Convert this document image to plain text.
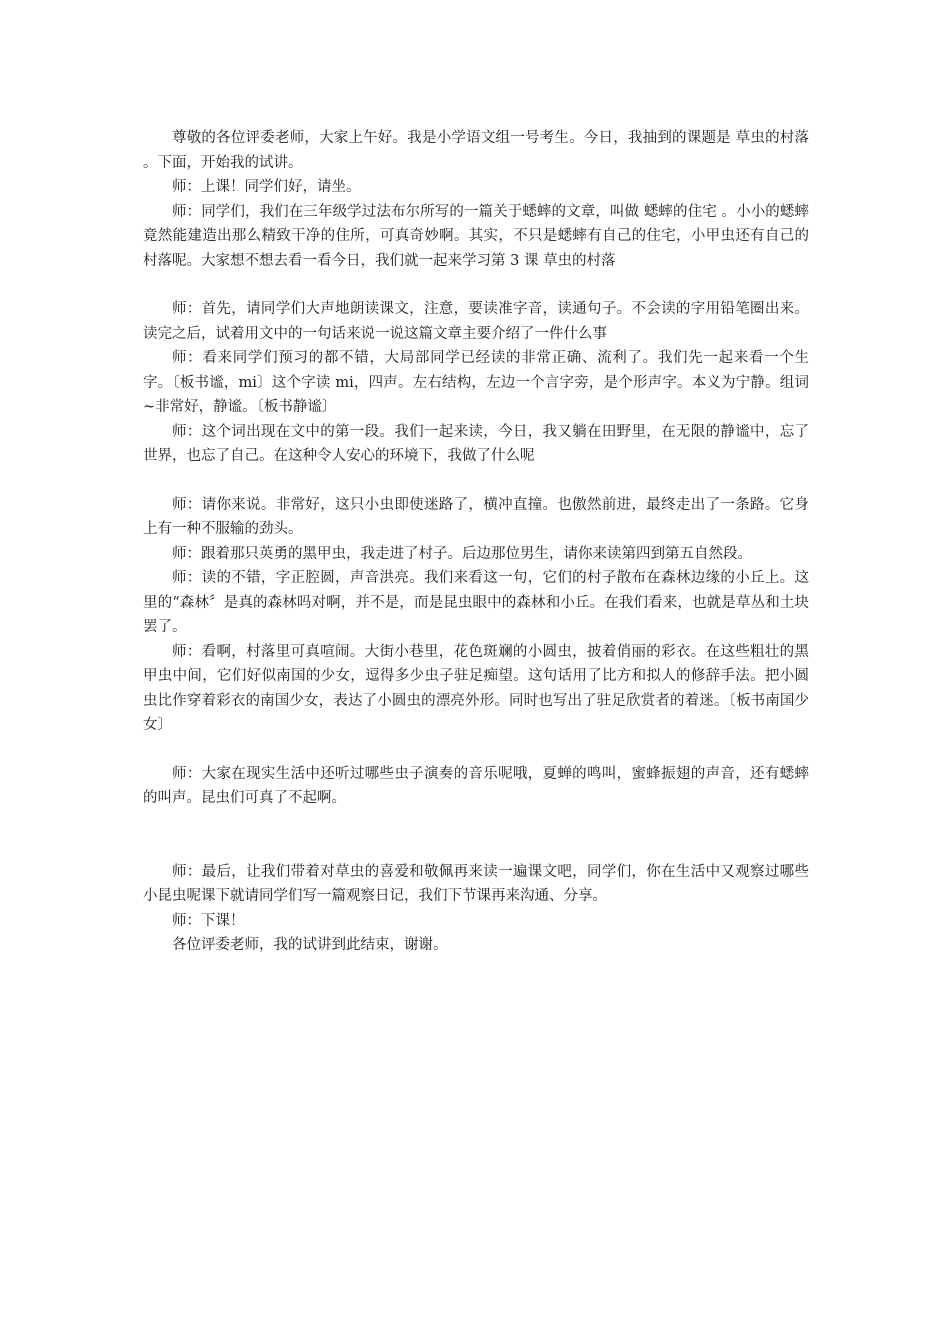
尊敬的各位评委老师，大家上午好。我是小学语文组一号考生。今日，我抽到的课题是 草虫的村落 。下面，开始我的试讲。

师：上课！同学们好，请坐。

师：同学们，我们在三年级学过法布尔所写的一篇关于蟋蟀的文章，叫做 蟋蟀的住宅 。小小的蟋蟀竟然能建造出那么精致干净的住所，可真奇妙啊。其实，不只是蟋蟀有自己的住宅，小甲虫还有自己的村落呢。大家想不想去看一看今日，我们就一起来学习第 3 课 草虫的村落

师：首先，请同学们大声地朗读课文，注意，要读准字音，读通句子。不会读的字用铅笔圈出来。读完之后，试着用文中的一句话来说一说这篇文章主要介绍了一件什么事

师：看来同学们预习的都不错，大局部同学已经读的非常正确、流利了。我们先一起来看一个生字。〔板书谧，mi〕这个字读 mi，四声。左右结构，左边一个言字旁，是个形声字。本义为宁静。组词~非常好，静谧。〔板书静谧〕

师：这个词出现在文中的第一段。我们一起来读，今日，我又躺在田野里，在无限的静谧中，忘了世界，也忘了自己。在这种令人安心的环境下，我做了什么呢

师：请你来说。非常好，这只小虫即使迷路了，横冲直撞。也傲然前进，最终走出了一条路。它身上有一种不服输的劲头。

师：跟着那只英勇的黑甲虫，我走进了村子。后边那位男生，请你来读第四到第五自然段。

师：读的不错，字正腔圆，声音洪亮。我们来看这一句，它们的村子散布在森林边缘的小丘上。这里的“森林〞是真的森林吗对啊，并不是，而是昆虫眼中的森林和小丘。在我们看来，也就是草丛和土块罢了。

师：看啊，村落里可真喧闹。大街小巷里，花色斑斓的小圆虫，披着俏丽的彩衣。在这些粗壮的黑甲虫中间，它们好似南国的少女，逗得多少虫子驻足痴望。这句话用了比方和拟人的修辞手法。把小圆虫比作穿着彩衣的南国少女，表达了小圆虫的漂亮外形。同时也写出了驻足欣赏者的着迷。〔板书南国少女〕

师：大家在现实生活中还听过哪些虫子演奏的音乐呢哦，夏蝉的鸣叫，蜜蜂振翅的声音，还有蟋蟀的叫声。昆虫们可真了不起啊。

师：最后，让我们带着对草虫的喜爱和敬佩再来读一遍课文吧，同学们，你在生活中又观察过哪些小昆虫呢课下就请同学们写一篇观察日记，我们下节课再来沟通、分享。

师：下课！

各位评委老师，我的试讲到此结束，谢谢。
